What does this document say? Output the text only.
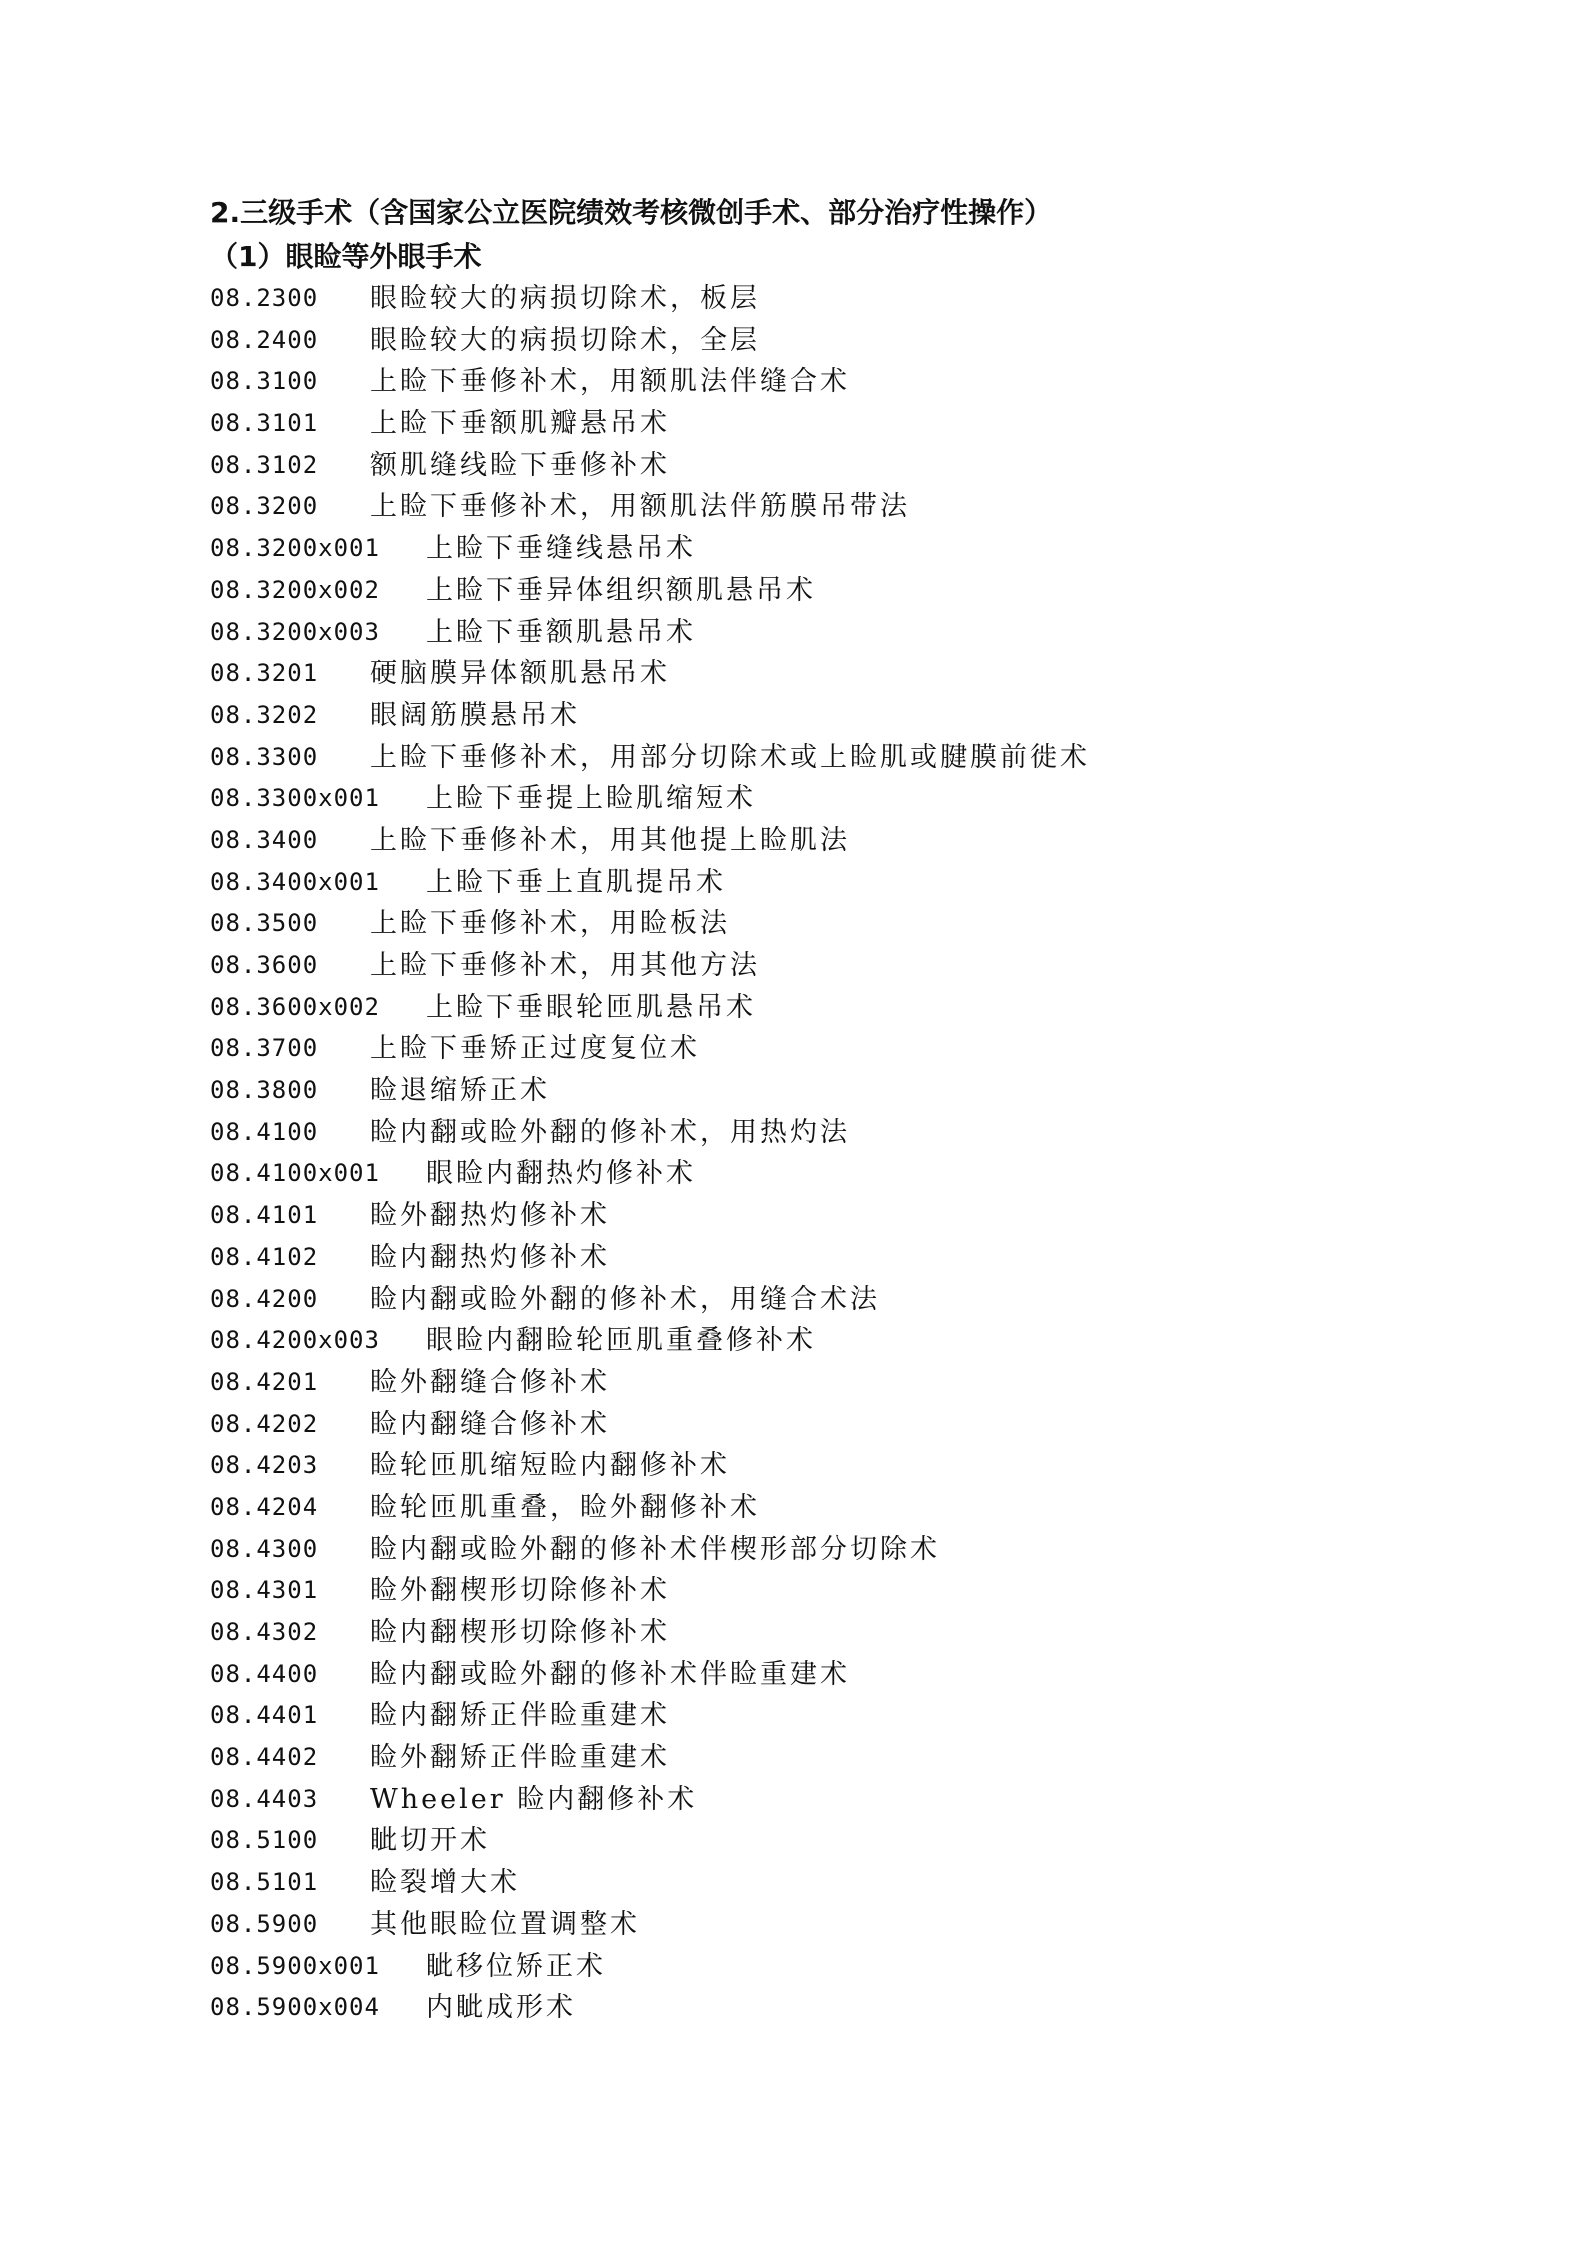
2.三级手术（含国家公立医院绩效考核微创手术、部分治疗性操作）
（1）眼睑等外眼手术
08.2300 眼睑较大的病损切除术，板层
08.2400 眼睑较大的病损切除术，全层
08.3100 上睑下垂修补术，用额肌法伴缝合术
08.3101 上睑下垂额肌瓣悬吊术
08.3102 额肌缝线睑下垂修补术
08.3200 上睑下垂修补术，用额肌法伴筋膜吊带法
08.3200x001 上睑下垂缝线悬吊术
08.3200x002 上睑下垂异体组织额肌悬吊术
08.3200x003 上睑下垂额肌悬吊术
08.3201 硬脑膜异体额肌悬吊术
08.3202 眼阔筋膜悬吊术
08.3300 上睑下垂修补术，用部分切除术或上睑肌或腱膜前徙术
08.3300x001 上睑下垂提上睑肌缩短术
08.3400 上睑下垂修补术，用其他提上睑肌法
08.3400x001 上睑下垂上直肌提吊术
08.3500 上睑下垂修补术，用睑板法
08.3600 上睑下垂修补术，用其他方法
08.3600x002 上睑下垂眼轮匝肌悬吊术
08.3700 上睑下垂矫正过度复位术
08.3800 睑退缩矫正术
08.4100 睑内翻或睑外翻的修补术，用热灼法
08.4100x001 眼睑内翻热灼修补术
08.4101 睑外翻热灼修补术
08.4102 睑内翻热灼修补术
08.4200 睑内翻或睑外翻的修补术，用缝合术法
08.4200x003 眼睑内翻睑轮匝肌重叠修补术
08.4201 睑外翻缝合修补术
08.4202 睑内翻缝合修补术
08.4203 睑轮匝肌缩短睑内翻修补术
08.4204 睑轮匝肌重叠，睑外翻修补术
08.4300 睑内翻或睑外翻的修补术伴楔形部分切除术
08.4301 睑外翻楔形切除修补术
08.4302 睑内翻楔形切除修补术
08.4400 睑内翻或睑外翻的修补术伴睑重建术
08.4401 睑内翻矫正伴睑重建术
08.4402 睑外翻矫正伴睑重建术
08.4403 Wheeler 睑内翻修补术
08.5100 眦切开术
08.5101 睑裂增大术
08.5900 其他眼睑位置调整术
08.5900x001 眦移位矫正术
08.5900x004 内眦成形术
